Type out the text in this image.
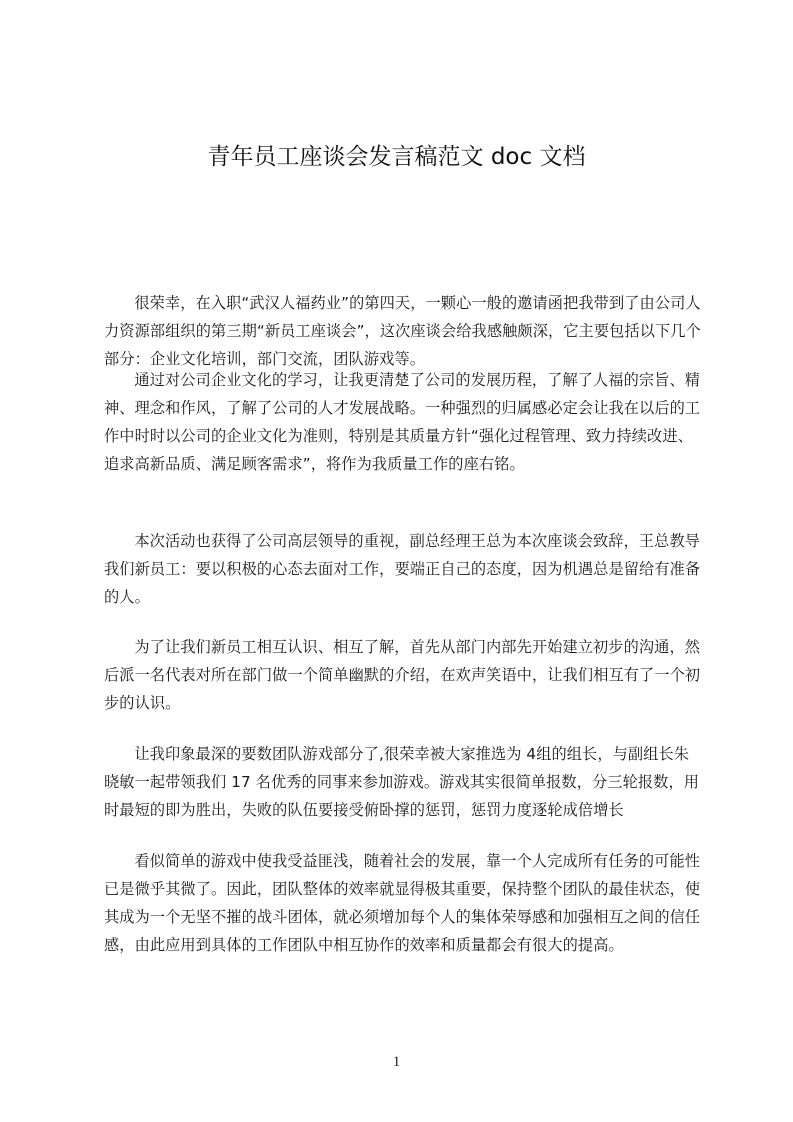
青年员工座谈会发言稿范文 doc 文档

很荣幸，在入职“武汉人福药业”的第四天，一颗心一般的邀请函把我带到了由公司人力资源部组织的第三期“新员工座谈会”，这次座谈会给我感触颇深，它主要包括以下几个部分：企业文化培训，部门交流，团队游戏等。

通过对公司企业文化的学习，让我更清楚了公司的发展历程，了解了人福的宗旨、精神、理念和作风，了解了公司的人才发展战略。一种强烈的归属感必定会让我在以后的工作中时时以公司的企业文化为准则，特别是其质量方针“强化过程管理、致力持续改进、追求高新品质、满足顾客需求”，将作为我质量工作的座右铭。

本次活动也获得了公司高层领导的重视，副总经理王总为本次座谈会致辞，王总教导我们新员工：要以积极的心态去面对工作，要端正自己的态度，因为机遇总是留给有准备的人。

为了让我们新员工相互认识、相互了解，首先从部门内部先开始建立初步的沟通，然后派一名代表对所在部门做一个简单幽默的介绍，在欢声笑语中，让我们相互有了一个初步的认识。

让我印象最深的要数团队游戏部分了,很荣幸被大家推选为 4组的组长，与副组长朱晓敏一起带领我们 17 名优秀的同事来参加游戏。游戏其实很简单报数，分三轮报数，用时最短的即为胜出，失败的队伍要接受俯卧撑的惩罚，惩罚力度逐轮成倍增长

看似简单的游戏中使我受益匪浅，随着社会的发展，靠一个人完成所有任务的可能性已是微乎其微了。因此，团队整体的效率就显得极其重要，保持整个团队的最佳状态，使其成为一个无坚不摧的战斗团体，就必须增加每个人的集体荣辱感和加强相互之间的信任感，由此应用到具体的工作团队中相互协作的效率和质量都会有很大的提高。

1
